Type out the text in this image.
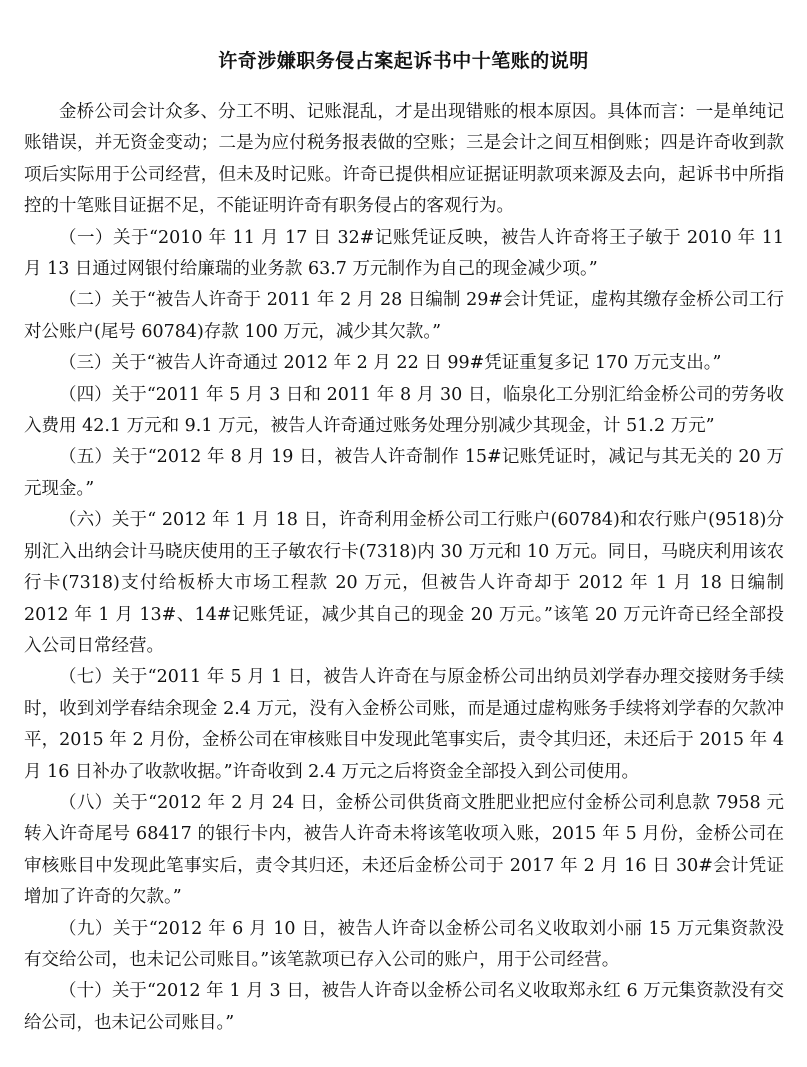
许奇涉嫌职务侵占案起诉书中十笔账的说明

金桥公司会计众多、分工不明、记账混乱，才是出现错账的根本原因。具体而言：一是单纯记账错误，并无资金变动；二是为应付税务报表做的空账；三是会计之间互相倒账；四是许奇收到款项后实际用于公司经营，但未及时记账。许奇已提供相应证据证明款项来源及去向，起诉书中所指控的十笔账目证据不足，不能证明许奇有职务侵占的客观行为。

（一）关于“2010 年 11 月 17 日 32#记账凭证反映，被告人许奇将王子敏于 2010 年 11 月 13 日通过网银付给廉瑞的业务款 63.7 万元制作为自己的现金减少项。”

（二）关于“被告人许奇于 2011 年 2 月 28 日编制 29#会计凭证，虚构其缴存金桥公司工行对公账户(尾号 60784)存款 100 万元，减少其欠款。”

（三）关于“被告人许奇通过 2012 年 2 月 22 日 99#凭证重复多记 170 万元支出。”

（四）关于“2011 年 5 月 3 日和 2011 年 8 月 30 日，临泉化工分别汇给金桥公司的劳务收入费用 42.1 万元和 9.1 万元，被告人许奇通过账务处理分别减少其现金，计 51.2 万元”

（五）关于“2012 年 8 月 19 日，被告人许奇制作 15#记账凭证时，减记与其无关的 20 万元现金。”

（六）关于“ 2012 年 1 月 18 日，许奇利用金桥公司工行账户(60784)和农行账户(9518)分别汇入出纳会计马晓庆使用的王子敏农行卡(7318)内 30 万元和 10 万元。同日，马晓庆利用该农行卡(7318)支付给板桥大市场工程款 20 万元，但被告人许奇却于 2012 年 1 月 18 日编制 2012 年 1 月 13#、14#记账凭证，减少其自己的现金 20 万元。”该笔 20 万元许奇已经全部投入公司日常经营。

（七）关于“2011 年 5 月 1 日，被告人许奇在与原金桥公司出纳员刘学春办理交接财务手续时，收到刘学春结余现金 2.4 万元，没有入金桥公司账，而是通过虚构账务手续将刘学春的欠款冲平，2015 年 2 月份，金桥公司在审核账目中发现此笔事实后，责令其归还，未还后于 2015 年 4 月 16 日补办了收款收据。”许奇收到 2.4 万元之后将资金全部投入到公司使用。

（八）关于“2012 年 2 月 24 日，金桥公司供货商文胜肥业把应付金桥公司利息款 7958 元转入许奇尾号 68417 的银行卡内，被告人许奇未将该笔收项入账，2015 年 5 月份，金桥公司在审核账目中发现此笔事实后，责令其归还，未还后金桥公司于 2017 年 2 月 16 日 30#会计凭证增加了许奇的欠款。”

（九）关于“2012 年 6 月 10 日，被告人许奇以金桥公司名义收取刘小丽 15 万元集资款没有交给公司，也未记公司账目。”该笔款项已存入公司的账户，用于公司经营。

（十）关于“2012 年 1 月 3 日，被告人许奇以金桥公司名义收取郑永红 6 万元集资款没有交给公司，也未记公司账目。”
